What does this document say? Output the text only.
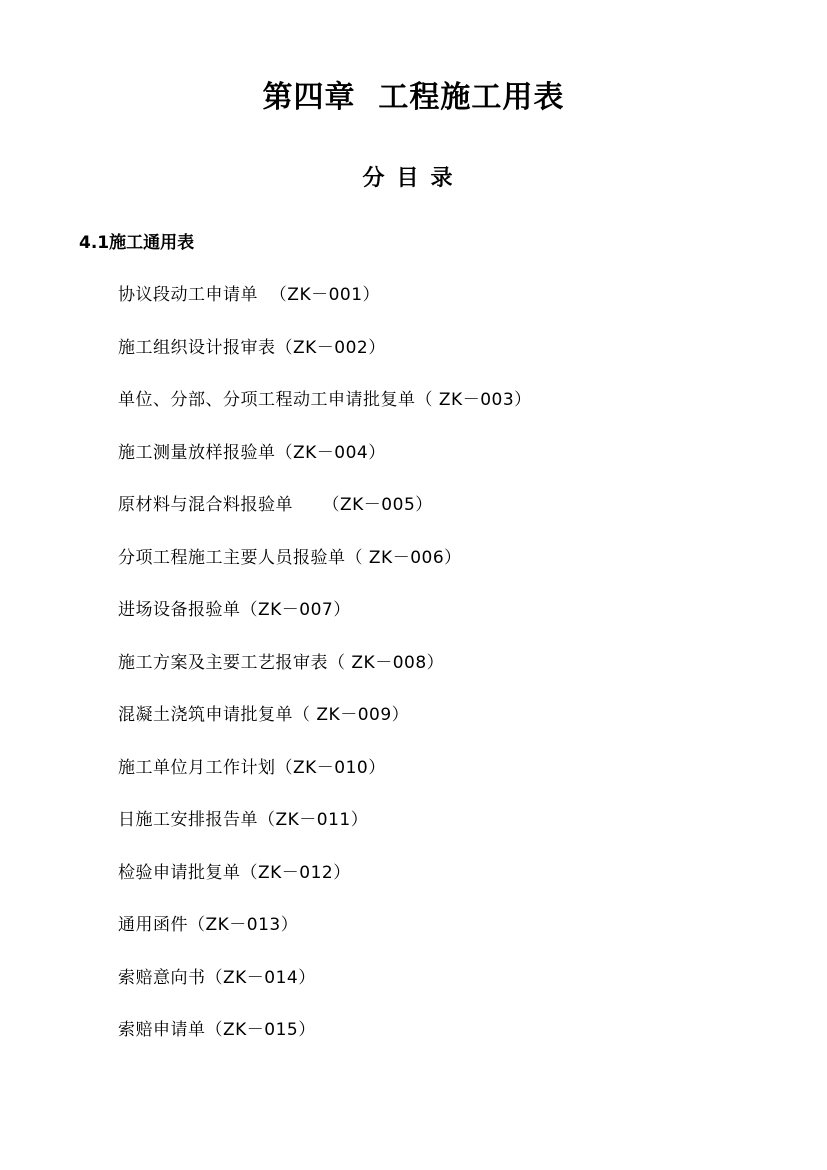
第四章  工程施工用表
分目录
4.1施工通用表
协议段动工申请单  （ZK－001）
施工组织设计报审表（ZK－002）
单位、分部、分项工程动工申请批复单（ ZK－003）
施工测量放样报验单（ZK－004）
原材料与混合料报验单     （ZK－005）
分项工程施工主要人员报验单（ ZK－006）
进场设备报验单（ZK－007）
施工方案及主要工艺报审表（ ZK－008）
混凝土浇筑申请批复单（ ZK－009）
施工单位月工作计划（ZK－010）
日施工安排报告单（ZK－011）
检验申请批复单（ZK－012）
通用函件（ZK－013）
索赔意向书（ZK－014）
索赔申请单（ZK－015）
